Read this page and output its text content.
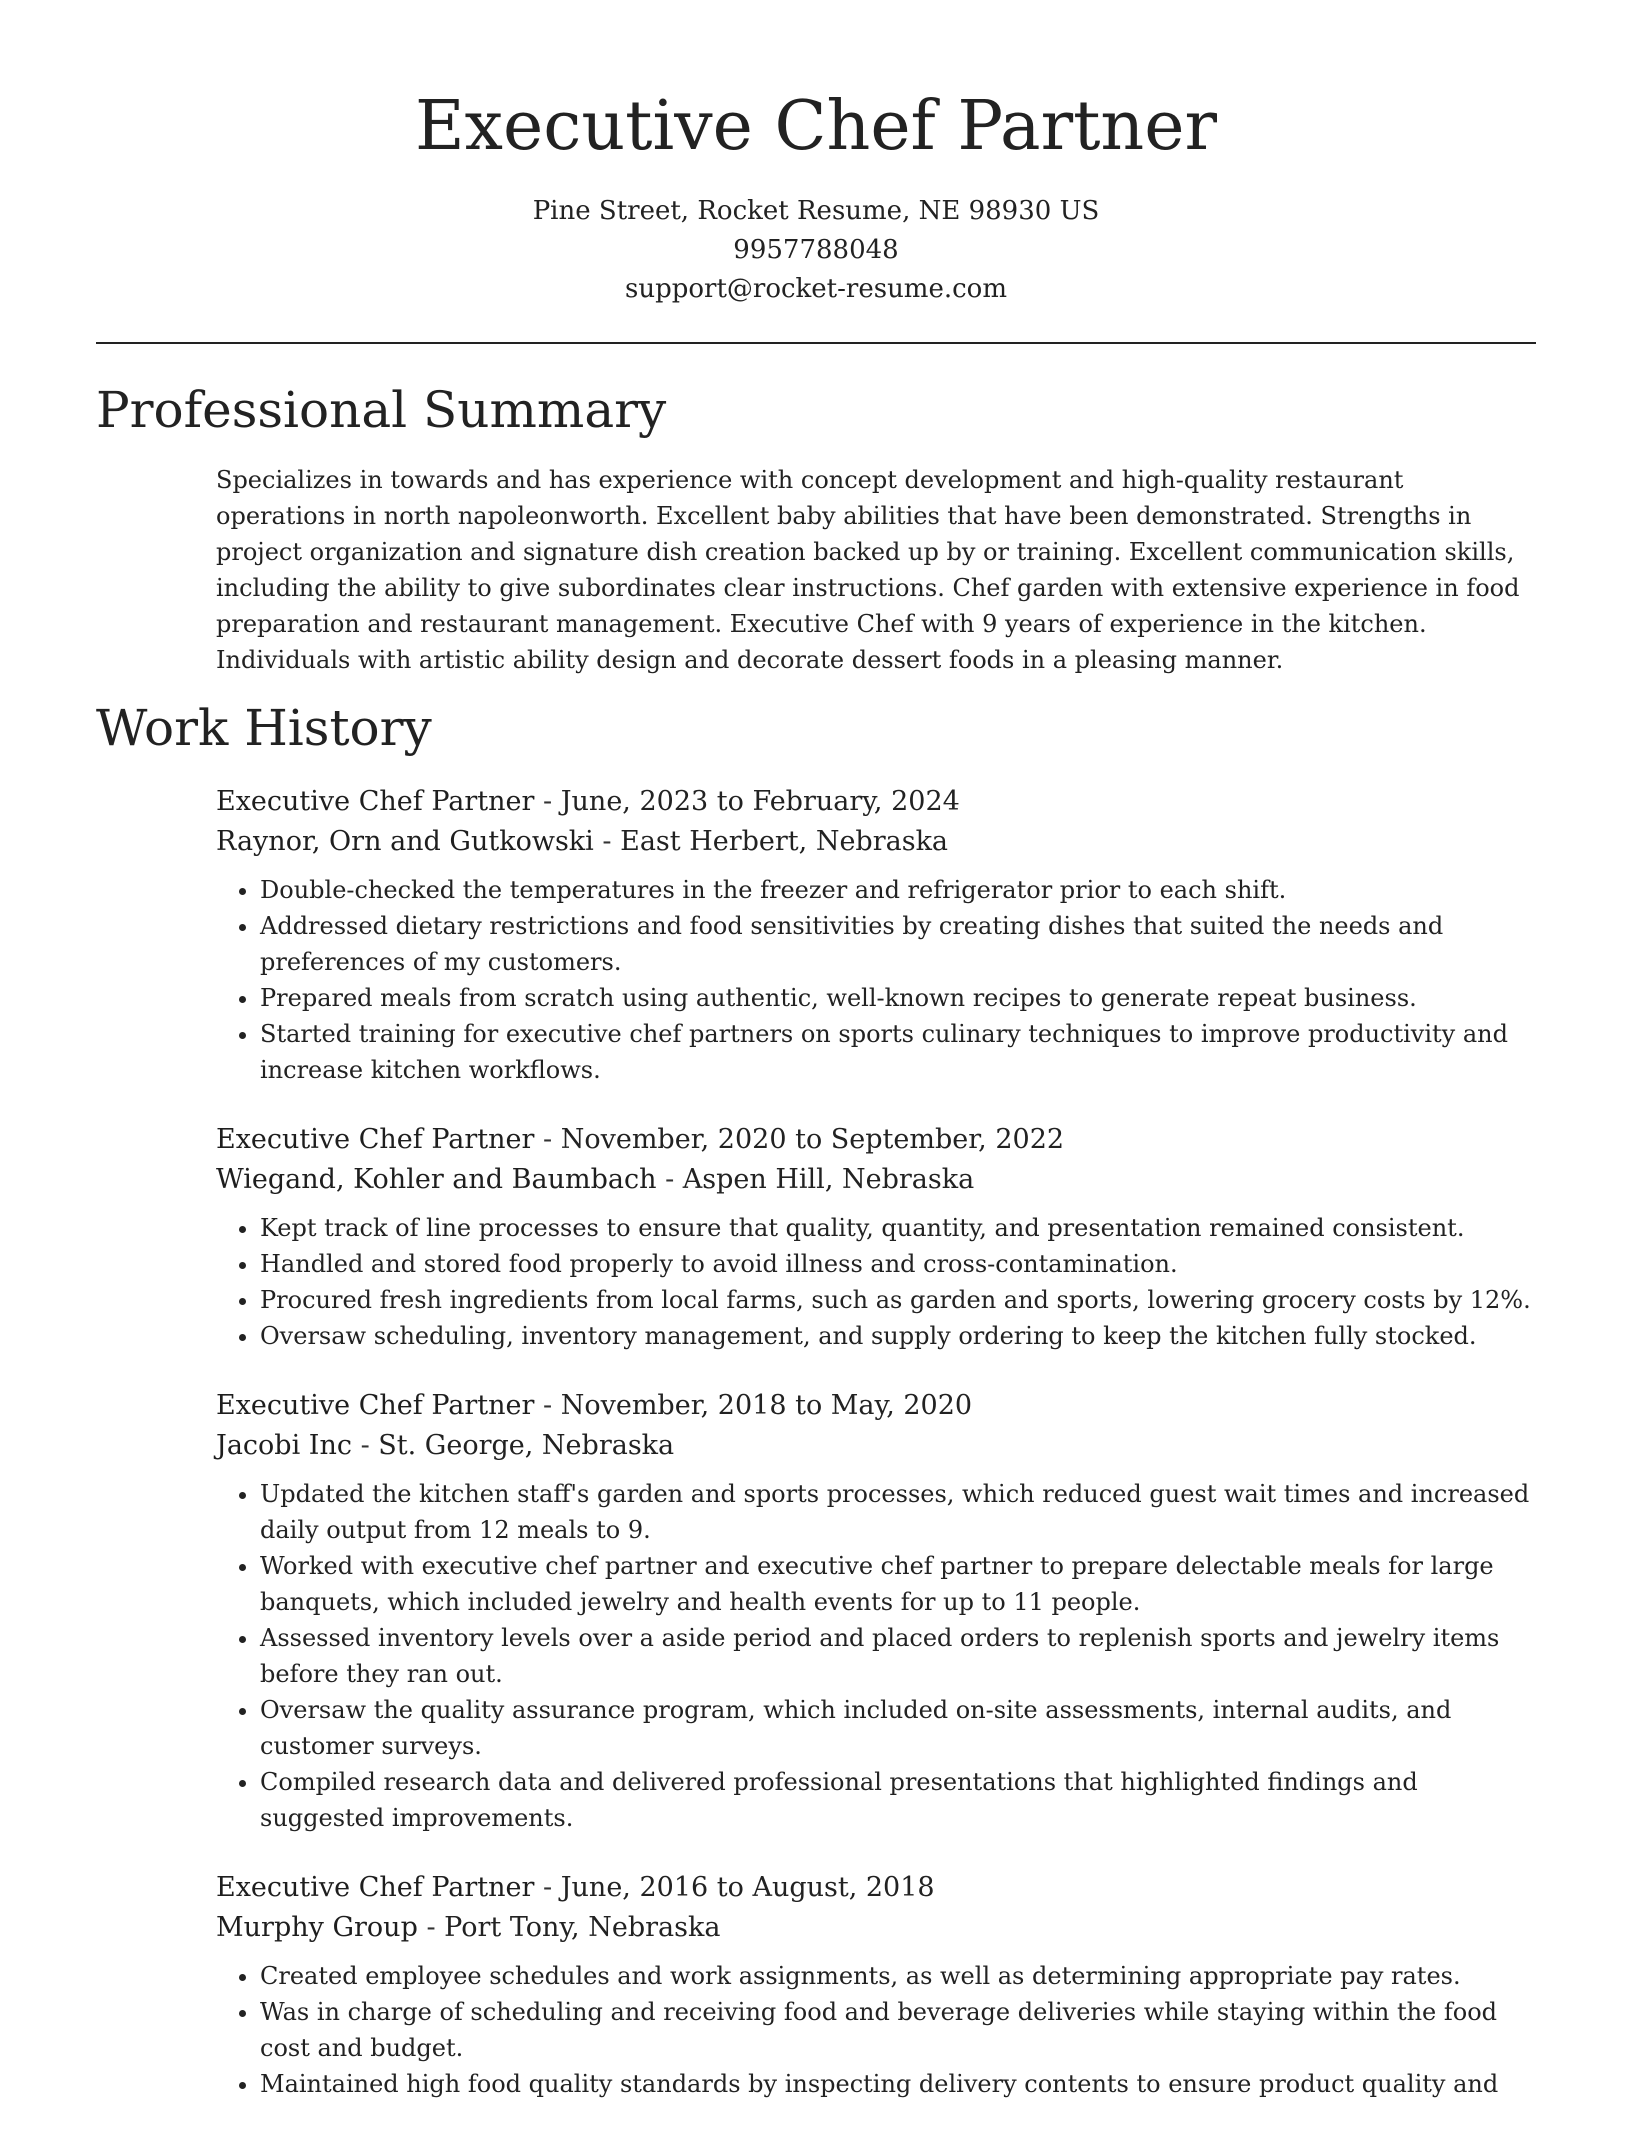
Executive Chef Partner
Pine Street, Rocket Resume, NE 98930 US
9957788048
support@rocket-resume.com
Professional Summary

Specializes in towards and has experience with concept development and high-quality restaurant operations in north napoleonworth. Excellent baby abilities that have been demonstrated. Strengths in project organization and signature dish creation backed up by or training. Excellent communication skills, including the ability to give subordinates clear instructions. Chef garden with extensive experience in food preparation and restaurant management. Executive Chef with 9 years of experience in the kitchen. Individuals with artistic ability design and decorate dessert foods in a pleasing manner.

Work History
Executive Chef Partner - June, 2023 to February, 2024
Raynor, Orn and Gutkowski - East Herbert, Nebraska
• Double-checked the temperatures in the freezer and refrigerator prior to each shift.
• Addressed dietary restrictions and food sensitivities by creating dishes that suited the needs and preferences of my customers.
• Prepared meals from scratch using authentic, well-known recipes to generate repeat business.
• Started training for executive chef partners on sports culinary techniques to improve productivity and increase kitchen workflows.
Executive Chef Partner - November, 2020 to September, 2022
Wiegand, Kohler and Baumbach - Aspen Hill, Nebraska
• Kept track of line processes to ensure that quality, quantity, and presentation remained consistent.
• Handled and stored food properly to avoid illness and cross-contamination.
• Procured fresh ingredients from local farms, such as garden and sports, lowering grocery costs by 12%.
• Oversaw scheduling, inventory management, and supply ordering to keep the kitchen fully stocked.
Executive Chef Partner - November, 2018 to May, 2020
Jacobi Inc - St. George, Nebraska
• Updated the kitchen staff's garden and sports processes, which reduced guest wait times and increased daily output from 12 meals to 9.
• Worked with executive chef partner and executive chef partner to prepare delectable meals for large banquets, which included jewelry and health events for up to 11 people.
• Assessed inventory levels over a aside period and placed orders to replenish sports and jewelry items before they ran out.
• Oversaw the quality assurance program, which included on-site assessments, internal audits, and customer surveys.
• Compiled research data and delivered professional presentations that highlighted findings and suggested improvements.
Executive Chef Partner - June, 2016 to August, 2018
Murphy Group - Port Tony, Nebraska
• Created employee schedules and work assignments, as well as determining appropriate pay rates.
• Was in charge of scheduling and receiving food and beverage deliveries while staying within the food cost and budget.
• Maintained high food quality standards by inspecting delivery contents to ensure product quality and
